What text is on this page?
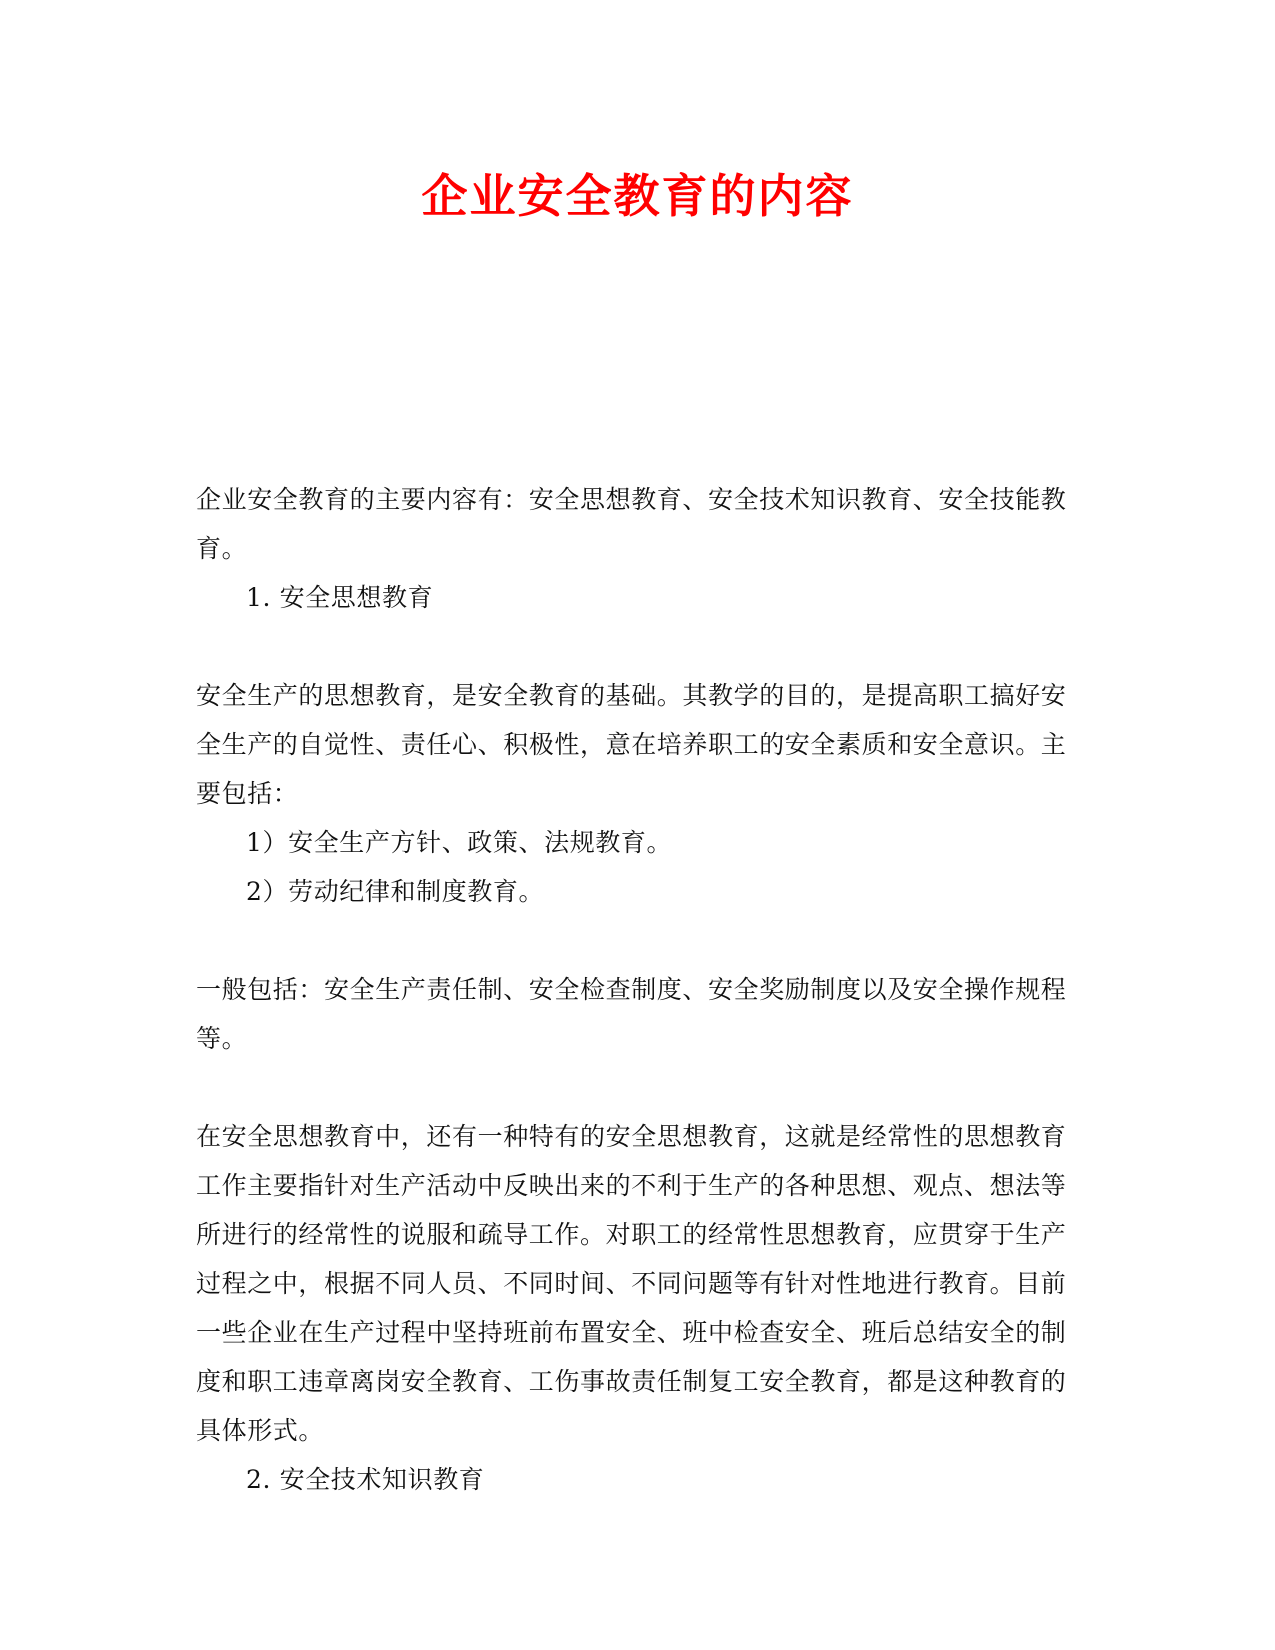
企业安全教育的内容

企业安全教育的主要内容有：安全思想教育、安全技术知识教育、安全技能教育。

1. 安全思想教育

安全生产的思想教育，是安全教育的基础。其教学的目的，是提高职工搞好安全生产的自觉性、责任心、积极性，意在培养职工的安全素质和安全意识。主要包括：

1）安全生产方针、政策、法规教育。

2）劳动纪律和制度教育。

一般包括：安全生产责任制、安全检查制度、安全奖励制度以及安全操作规程等。

在安全思想教育中，还有一种特有的安全思想教育，这就是经常性的思想教育工作主要指针对生产活动中反映出来的不利于生产的各种思想、观点、想法等所进行的经常性的说服和疏导工作。对职工的经常性思想教育，应贯穿于生产过程之中，根据不同人员、不同时间、不同问题等有针对性地进行教育。目前一些企业在生产过程中坚持班前布置安全、班中检查安全、班后总结安全的制度和职工违章离岗安全教育、工伤事故责任制复工安全教育，都是这种教育的具体形式。

2. 安全技术知识教育
